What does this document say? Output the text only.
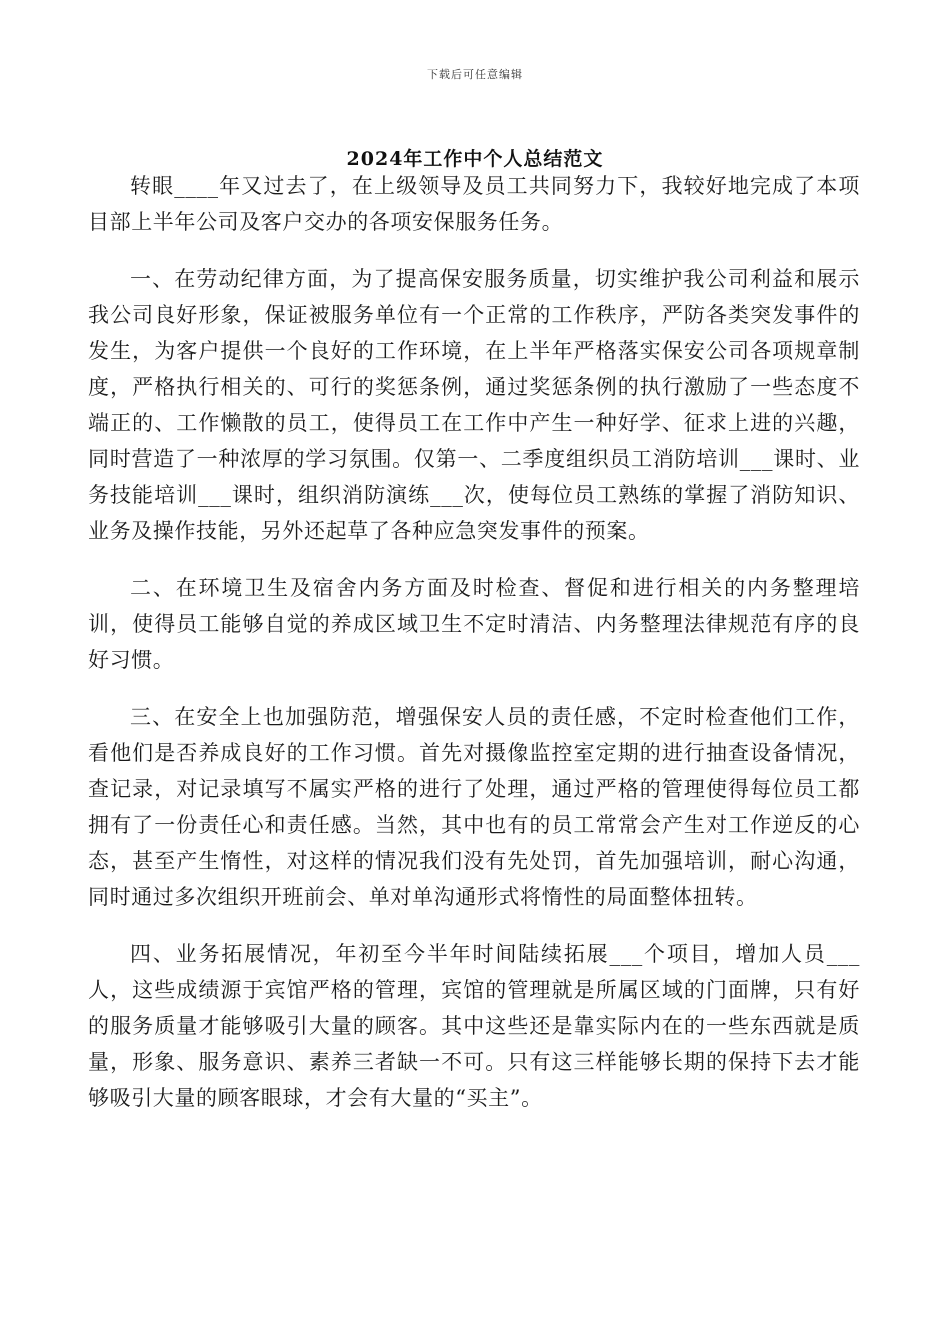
下载后可任意编辑
2024年工作中个人总结范文

转眼____年又过去了，在上级领导及员工共同努力下，我较好地完成了本项目部上半年公司及客户交办的各项安保服务任务。

一、在劳动纪律方面，为了提高保安服务质量，切实维护我公司利益和展示我公司良好形象，保证被服务单位有一个正常的工作秩序，严防各类突发事件的发生，为客户提供一个良好的工作环境，在上半年严格落实保安公司各项规章制度，严格执行相关的、可行的奖惩条例，通过奖惩条例的执行激励了一些态度不端正的、工作懒散的员工，使得员工在工作中产生一种好学、征求上进的兴趣，同时营造了一种浓厚的学习氛围。仅第一、二季度组织员工消防培训___课时、业务技能培训___课时，组织消防演练___次，使每位员工熟练的掌握了消防知识、业务及操作技能，另外还起草了各种应急突发事件的预案。

二、在环境卫生及宿舍内务方面及时检查、督促和进行相关的内务整理培训，使得员工能够自觉的养成区域卫生不定时清洁、内务整理法律规范有序的良好习惯。

三、在安全上也加强防范，增强保安人员的责任感，不定时检查他们工作，看他们是否养成良好的工作习惯。首先对摄像监控室定期的进行抽查设备情况，查记录，对记录填写不属实严格的进行了处理，通过严格的管理使得每位员工都拥有了一份责任心和责任感。当然，其中也有的员工常常会产生对工作逆反的心态，甚至产生惰性，对这样的情况我们没有先处罚，首先加强培训，耐心沟通，同时通过多次组织开班前会、单对单沟通形式将惰性的局面整体扭转。

四、业务拓展情况，年初至今半年时间陆续拓展___个项目，增加人员___人，这些成绩源于宾馆严格的管理，宾馆的管理就是所属区域的门面牌，只有好的服务质量才能够吸引大量的顾客。其中这些还是靠实际内在的一些东西就是质量，形象、服务意识、素养三者缺一不可。只有这三样能够长期的保持下去才能够吸引大量的顾客眼球，才会有大量的“买主”。
